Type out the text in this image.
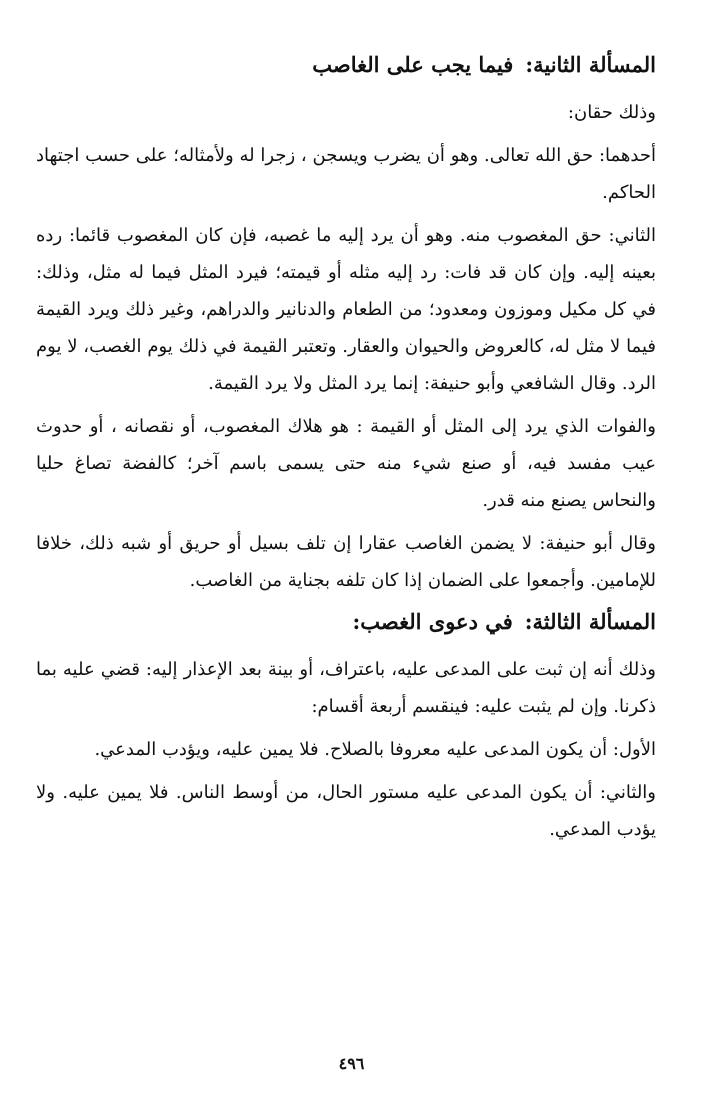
المسألة الثانية:فيما يجب على الغاصب

وذلك حقان:

أحدهما: حق الله تعالى. وهو أن يضرب ويسجن ، زجرا له ولأمثاله؛ على حسب اجتهاد الحاكم.

الثاني: حق المغصوب منه. وهو أن يرد إليه ما غصبه، فإن كان المغصوب قائما: رده بعينه إليه. وإن كان قد فات: رد إليه مثله أو قيمته؛ فيرد المثل فيما له مثل، وذلك: في كل مكيل وموزون ومعدود؛ من الطعام والدنانير والدراهم، وغير ذلك ويرد القيمة فيما لا مثل له، كالعروض والحيوان والعقار. وتعتبر القيمة في ذلك يوم الغصب، لا يوم الرد. وقال الشافعي وأبو حنيفة: إنما يرد المثل ولا يرد القيمة.

والفوات الذي يرد إلى المثل أو القيمة : هو هلاك المغصوب، أو نقصانه ، أو حدوث عيب مفسد فيه، أو صنع شيء منه حتى يسمى باسم آخر؛ كالفضة تصاغ حليا والنحاس يصنع منه قدر.

وقال أبو حنيفة: لا يضمن الغاصب عقارا إن تلف بسيل أو حريق أو شبه ذلك، خلافا للإمامين. وأجمعوا على الضمان إذا كان تلفه بجناية من الغاصب.

المسألة الثالثة:في دعوى الغصب:

وذلك أنه إن ثبت على المدعى عليه، باعتراف، أو بينة بعد الإعذار إليه: قضي عليه بما ذكرنا. وإن لم يثبت عليه: فينقسم أربعة أقسام:

الأول: أن يكون المدعى عليه معروفا بالصلاح. فلا يمين عليه، ويؤدب المدعي.

والثاني: أن يكون المدعى عليه مستور الحال، من أوسط الناس. فلا يمين عليه. ولا يؤدب المدعي.

٤٩٦
